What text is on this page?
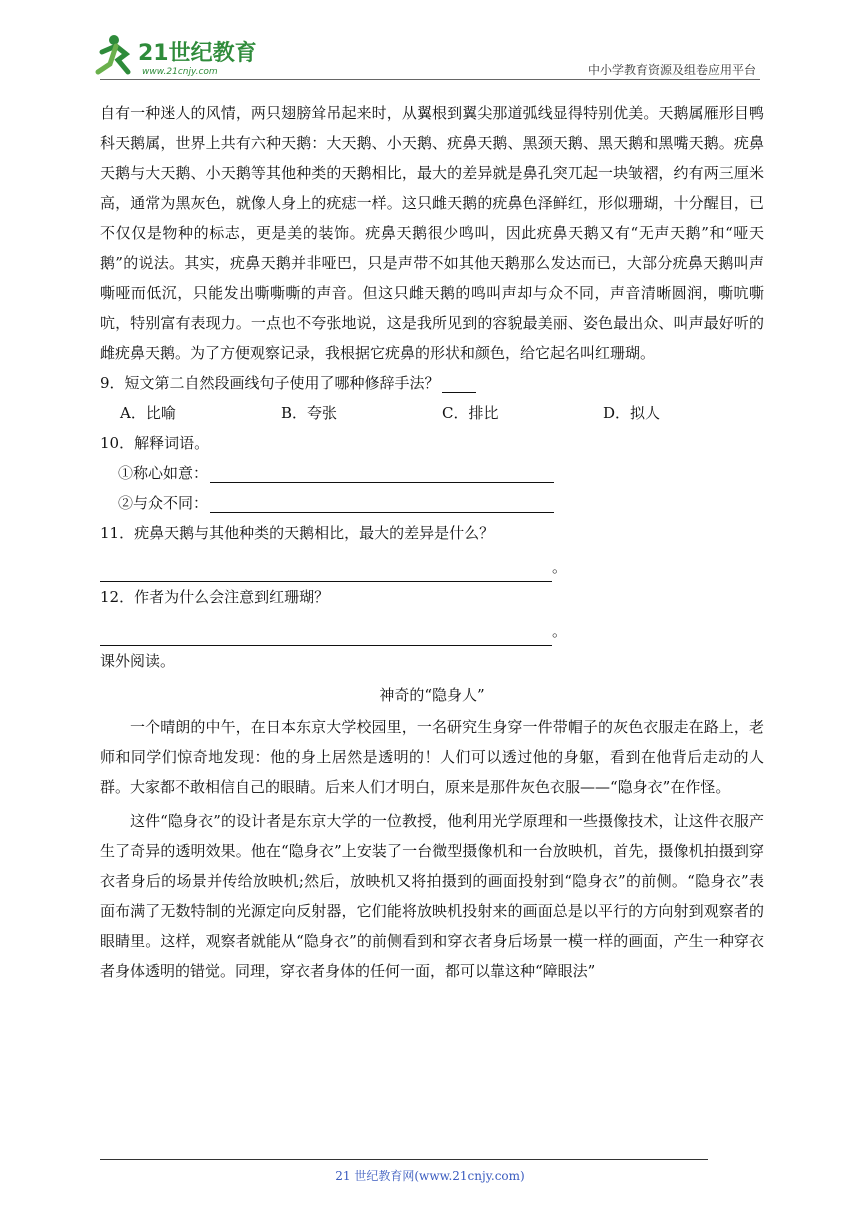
21世纪教育
www.21cnjy.com	中小学教育资源及组卷应用平台

自有一种迷人的风情，两只翅膀耸吊起来时，从翼根到翼尖那道弧线显得特别优美。天鹅属雁形目鸭科天鹅属，世界上共有六种天鹅：大天鹅、小天鹅、疣鼻天鹅、黑颈天鹅、黑天鹅和黑嘴天鹅。疣鼻天鹅与大天鹅、小天鹅等其他种类的天鹅相比，最大的差异就是鼻孔突兀起一块皱褶，约有两三厘米高，通常为黑灰色，就像人身上的疣痣一样。这只雌天鹅的疣鼻色泽鲜红，形似珊瑚，十分醒目，已不仅仅是物种的标志，更是美的装饰。疣鼻天鹅很少鸣叫，因此疣鼻天鹅又有“无声天鹅”和“哑天鹅”的说法。其实，疣鼻天鹅并非哑巴，只是声带不如其他天鹅那么发达而已，大部分疣鼻天鹅叫声嘶哑而低沉，只能发出嘶嘶嘶的声音。但这只雌天鹅的鸣叫声却与众不同，声音清晰圆润，嘶吭嘶吭，特别富有表现力。一点也不夸张地说，这是我所见到的容貌最美丽、姿色最出众、叫声最好听的雌疣鼻天鹅。为了方便观察记录，我根据它疣鼻的形状和颜色，给它起名叫红珊瑚。

9．短文第二自然段画线句子使用了哪种修辞手法？
A．比喻	B．夸张	C．排比	D．拟人
10．解释词语。
①称心如意：
②与众不同：
11．疣鼻天鹅与其他种类的天鹅相比，最大的差异是什么？
。
12．作者为什么会注意到红珊瑚？
。
课外阅读。
神奇的“隐身人”

一个晴朗的中午，在日本东京大学校园里，一名研究生身穿一件带帽子的灰色衣服走在路上，老师和同学们惊奇地发现：他的身上居然是透明的！人们可以透过他的身躯，看到在他背后走动的人群。大家都不敢相信自己的眼睛。后来人们才明白，原来是那件灰色衣服——“隐身衣”在作怪。

这件“隐身衣”的设计者是东京大学的一位教授，他利用光学原理和一些摄像技术，让这件衣服产生了奇异的透明效果。他在“隐身衣”上安装了一台微型摄像机和一台放映机，首先，摄像机拍摄到穿衣者身后的场景并传给放映机;然后，放映机又将拍摄到的画面投射到“隐身衣”的前侧。“隐身衣”表面布满了无数特制的光源定向反射器，它们能将放映机投射来的画面总是以平行的方向射到观察者的眼睛里。这样，观察者就能从“隐身衣”的前侧看到和穿衣者身后场景一模一样的画面，产生一种穿衣者身体透明的错觉。同理，穿衣者身体的任何一面，都可以靠这种“障眼法”

21 世纪教育网(www.21cnjy.com)
